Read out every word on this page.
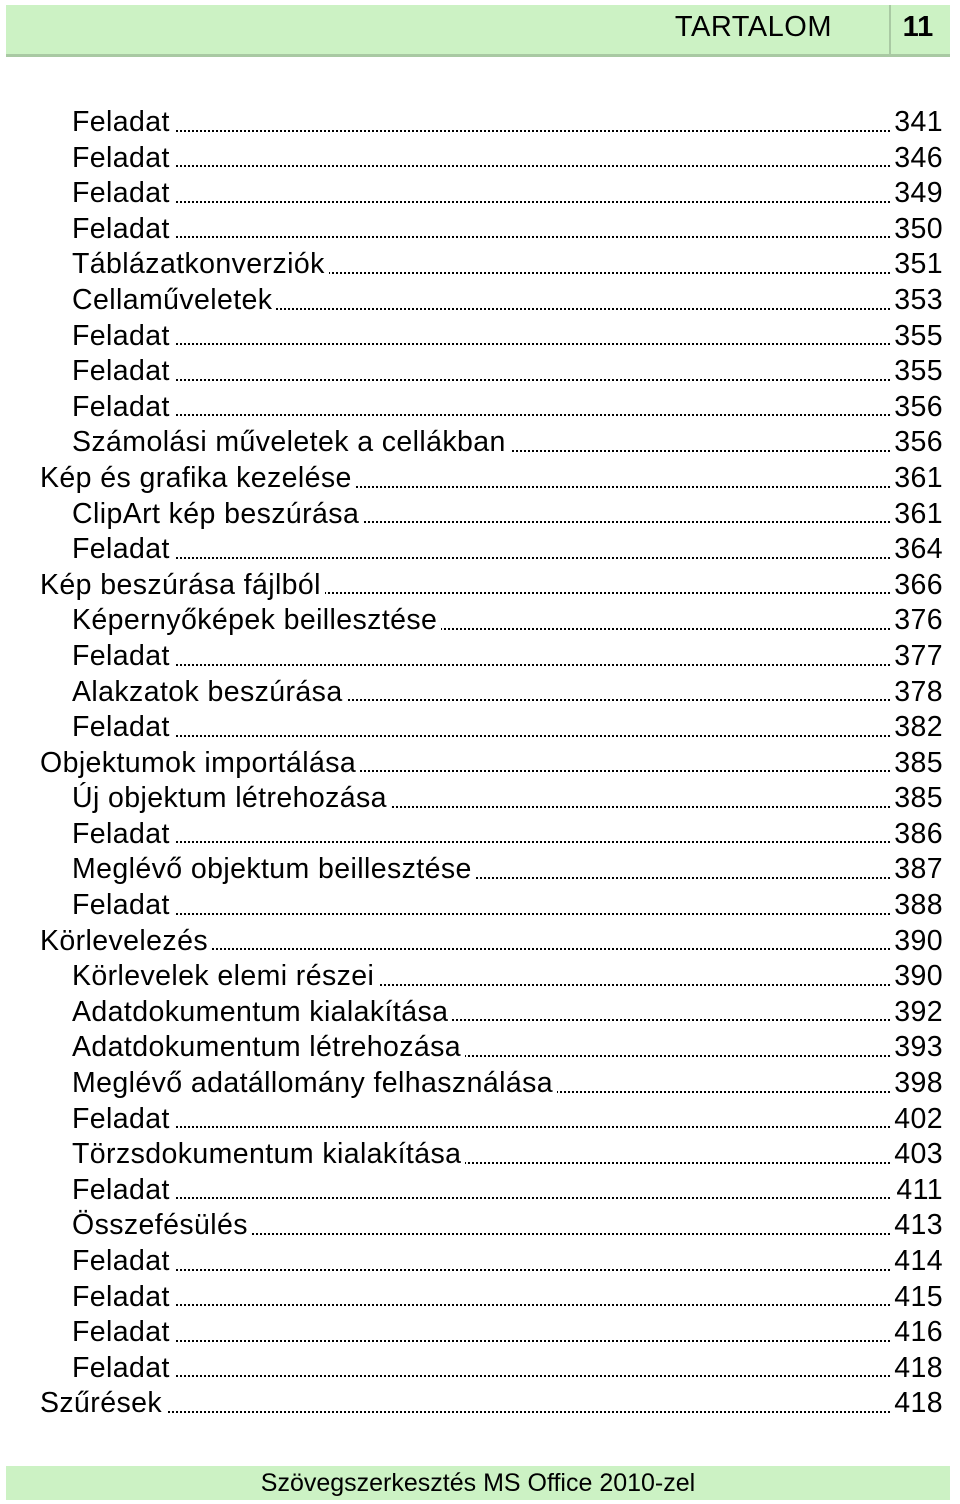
TARTALOM	11
Feladat	341
Feladat	346
Feladat	349
Feladat	350
Táblázatkonverziók	351
Cellaműveletek	353
Feladat	355
Feladat	355
Feladat	356
Számolási műveletek a cellákban	356
Kép és grafika kezelése	361
ClipArt kép beszúrása	361
Feladat	364
Kép beszúrása fájlból	366
Képernyőképek beillesztése	376
Feladat	377
Alakzatok beszúrása	378
Feladat	382
Objektumok importálása	385
Új objektum létrehozása	385
Feladat	386
Meglévő objektum beillesztése	387
Feladat	388
Körlevelezés	390
Körlevelek elemi részei	390
Adatdokumentum kialakítása	392
Adatdokumentum létrehozása	393
Meglévő adatállomány felhasználása	398
Feladat	402
Törzsdokumentum kialakítása	403
Feladat	411
Összefésülés	413
Feladat	414
Feladat	415
Feladat	416
Feladat	418
Szűrések	418
Szövegszerkesztés MS Office 2010-zel
